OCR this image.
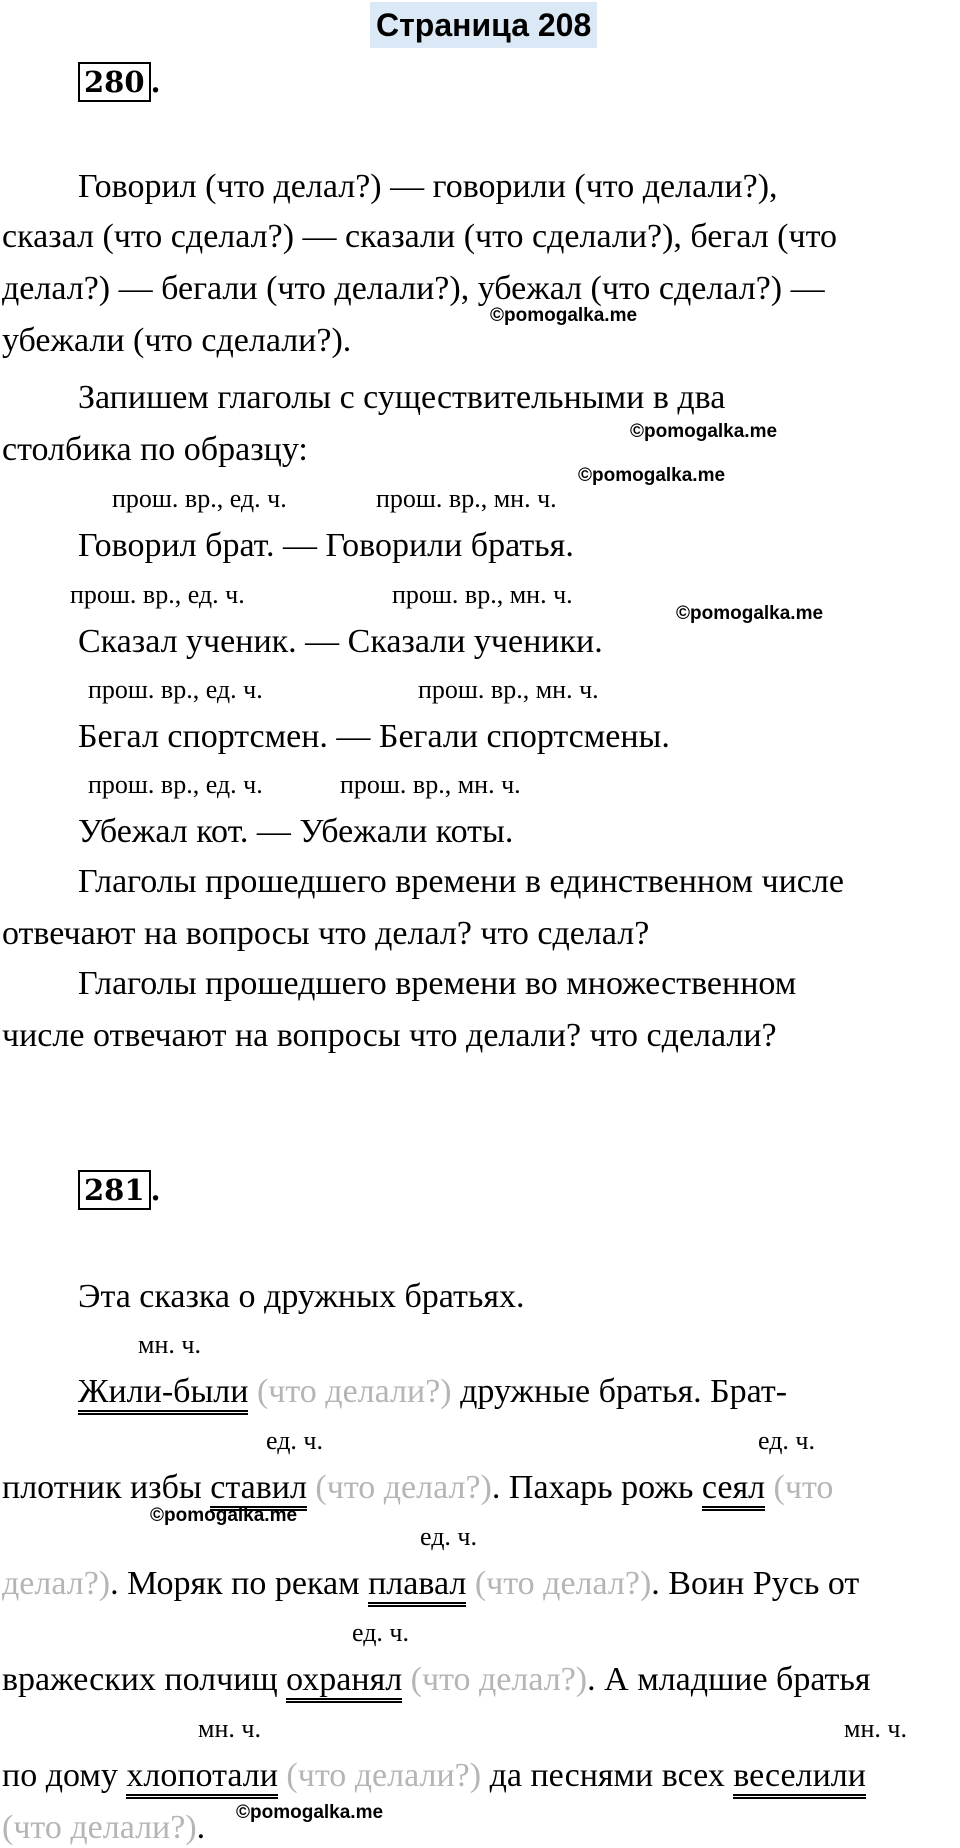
Страница 208
280 .
Говорил (что делал?) — говорили (что делали?),
сказал (что сделал?) — сказали (что сделали?), бегал (что
делал?) — бегали (что делали?), убежал (что сделал?) —
убежали (что сделали?).
©pomogalka.me
Запишем глаголы с существительными в два
столбика по образцу:	©pomogalka.me
©pomogalka.me
прош. вр., ед. ч.	прош. вр., мн. ч.
Говорил брат. — Говорили братья.
прош. вр., ед. ч.	прош. вр., мн. ч.
©pomogalka.me
Сказал ученик. — Сказали ученики.
прош. вр., ед. ч.	прош. вр., мн. ч.
Бегал спортсмен. — Бегали спортсмены.
прош. вр., ед. ч.	прош. вр., мн. ч.
Убежал кот. — Убежали коты.
Глаголы прошедшего времени в единственном числе
отвечают на вопросы что делал? что сделал?
Глаголы прошедшего времени во множественном
числе отвечают на вопросы что делали? что сделали?
281 .
Эта сказка о дружных братьях.
мн. ч.
Жили-были (что делали?) дружные братья. Брат-
ед. ч.	ед. ч.
плотник избы ставил (что делал?). Пахарь рожь сеял (что
©pomogalka.me
ед. ч.
делал?). Моряк по рекам плавал (что делал?). Воин Русь от
ед. ч.
вражеских полчищ охранял (что делал?). А младшие братья
мн. ч.	мн. ч.
по дому хлопотали (что делали?) да песнями всех веселили
(что делали?). ©pomogalka.me
